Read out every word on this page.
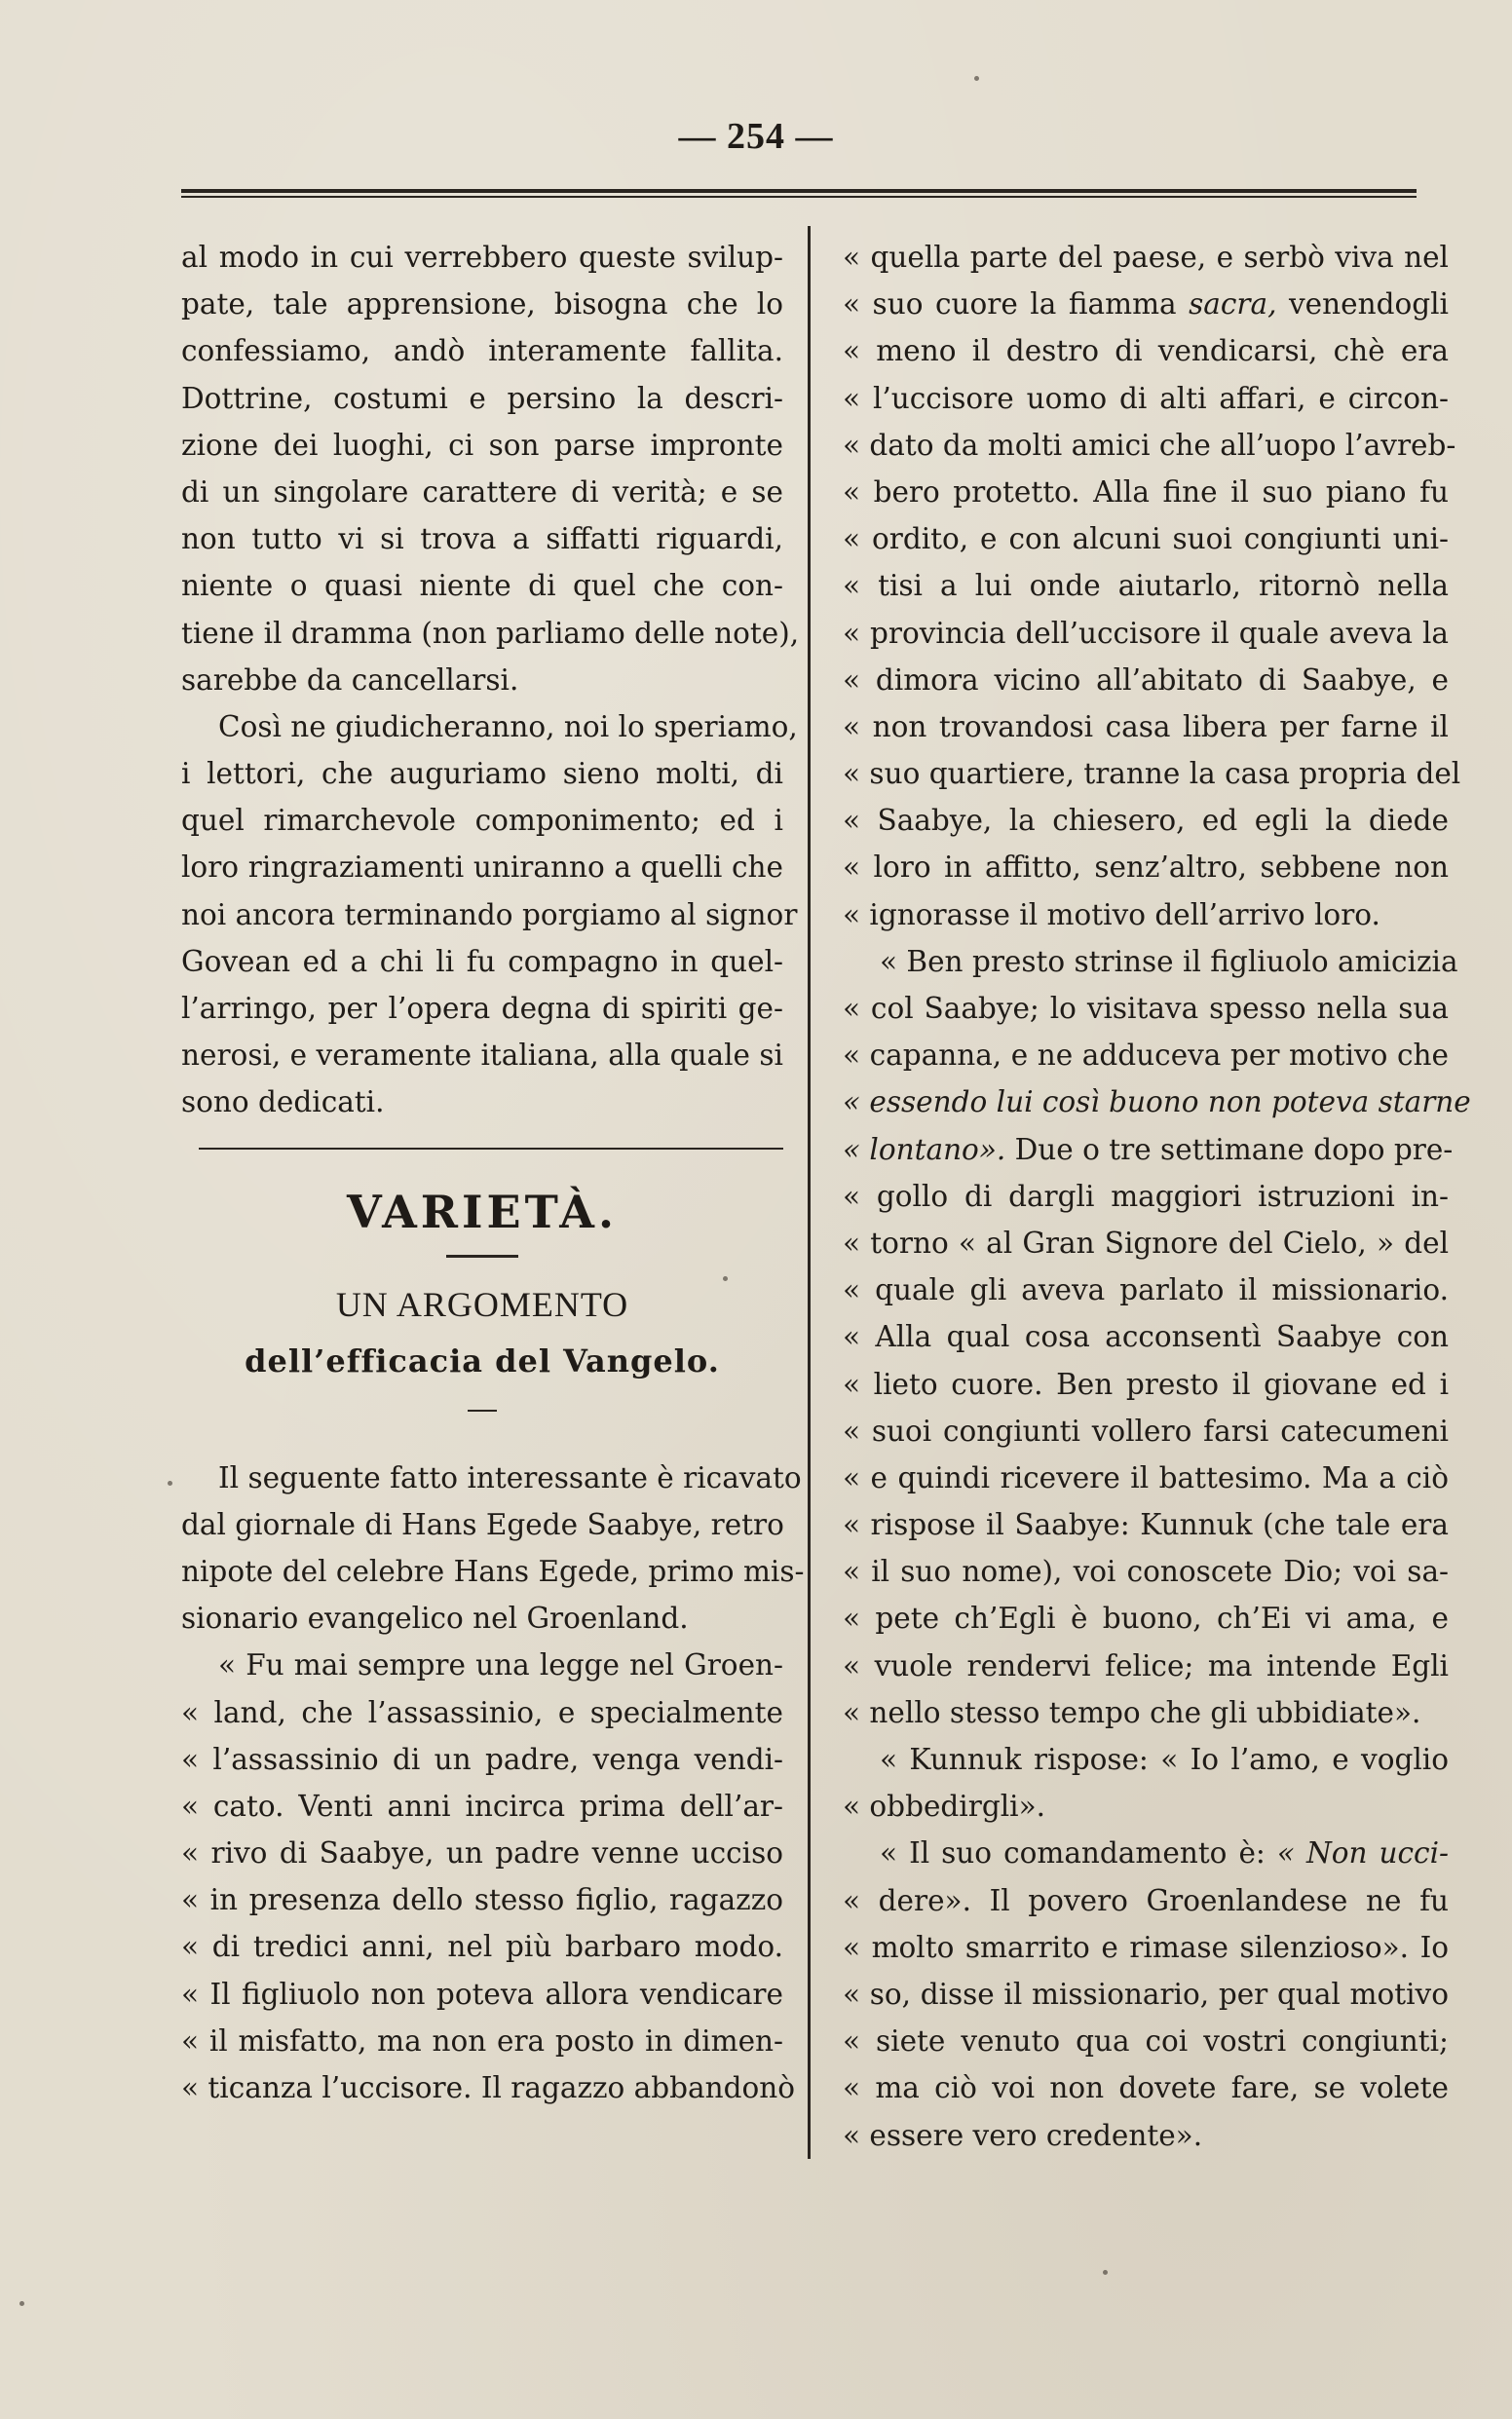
— 254 —
al modo in cui verrebbero queste svilup-
pate, tale apprensione, bisogna che lo
confessiamo, andò interamente fallita.
Dottrine, costumi e persino la descri-
zione dei luoghi, ci son parse impronte
di un singolare carattere di verità; e se
non tutto vi si trova a siffatti riguardi,
niente o quasi niente di quel che con-
tiene il dramma (non parliamo delle note),
sarebbe da cancellarsi.
Così ne giudicheranno, noi lo speriamo,
i lettori, che auguriamo sieno molti, di
quel rimarchevole componimento; ed i
loro ringraziamenti uniranno a quelli che
noi ancora terminando porgiamo al signor
Govean ed a chi li fu compagno in quel-
l’arringo, per l’opera degna di spiriti ge-
nerosi, e veramente italiana, alla quale si
sono dedicati.
VARIETÀ.
UN ARGOMENTO
dell’efficacia del Vangelo.
Il seguente fatto interessante è ricavato
dal giornale di Hans Egede Saabye, retro
nipote del celebre Hans Egede, primo mis-
sionario evangelico nel Groenland.
« Fu mai sempre una legge nel Groen-
« land, che l’assassinio, e specialmente
« l’assassinio di un padre, venga vendi-
« cato. Venti anni incirca prima dell’ar-
« rivo di Saabye, un padre venne ucciso
« in presenza dello stesso figlio, ragazzo
« di tredici anni, nel più barbaro modo.
« Il figliuolo non poteva allora vendicare
« il misfatto, ma non era posto in dimen-
« ticanza l’uccisore. Il ragazzo abbandonò
« quella parte del paese, e serbò viva nel
« suo cuore la fiamma sacra, venendogli
« meno il destro di vendicarsi, chè era
« l’uccisore uomo di alti affari, e circon-
« dato da molti amici che all’uopo l’avreb-
« bero protetto. Alla fine il suo piano fu
« ordito, e con alcuni suoi congiunti uni-
« tisi a lui onde aiutarlo, ritornò nella
« provincia dell’uccisore il quale aveva la
« dimora vicino all’abitato di Saabye, e
« non trovandosi casa libera per farne il
« suo quartiere, tranne la casa propria del
« Saabye, la chiesero, ed egli la diede
« loro in affitto, senz’altro, sebbene non
« ignorasse il motivo dell’arrivo loro.
« Ben presto strinse il figliuolo amicizia
« col Saabye; lo visitava spesso nella sua
« capanna, e ne adduceva per motivo che
« essendo lui così buono non poteva starne
« lontano». Due o tre settimane dopo pre-
« gollo di dargli maggiori istruzioni in-
« torno « al Gran Signore del Cielo, » del
« quale gli aveva parlato il missionario.
« Alla qual cosa acconsentì Saabye con
« lieto cuore. Ben presto il giovane ed i
« suoi congiunti vollero farsi catecumeni
« e quindi ricevere il battesimo. Ma a ciò
« rispose il Saabye: Kunnuk (che tale era
« il suo nome), voi conoscete Dio; voi sa-
« pete ch’Egli è buono, ch’Ei vi ama, e
« vuole rendervi felice; ma intende Egli
« nello stesso tempo che gli ubbidiate».
« Kunnuk rispose: « Io l’amo, e voglio
« obbedirgli».
« Il suo comandamento è: « Non ucci-
« dere». Il povero Groenlandese ne fu
« molto smarrito e rimase silenzioso». Io
« so, disse il missionario, per qual motivo
« siete venuto qua coi vostri congiunti;
« ma ciò voi non dovete fare, se volete
« essere vero credente».
